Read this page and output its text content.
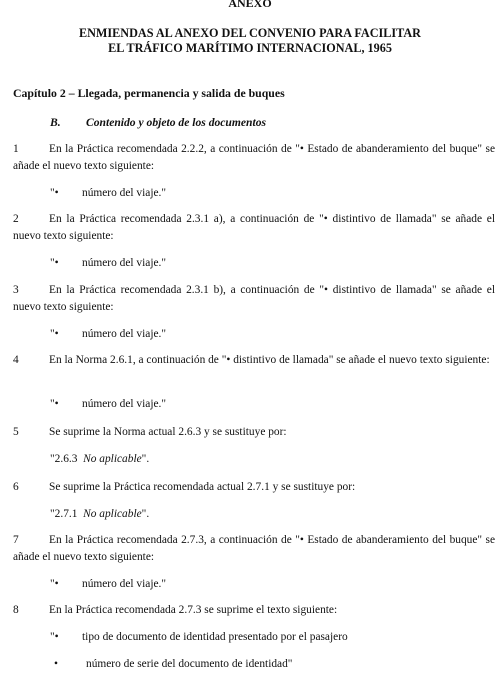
ANEXO
ENMIENDAS AL ANEXO DEL CONVENIO PARA FACILITAR
EL TRÁFICO MARÍTIMO INTERNACIONAL, 1965
Capítulo 2 – Llegada, permanencia y salida de buques
B. Contenido y objeto de los documentos
1	En la Práctica recomendada 2.2.2, a continuación de "• Estado de abanderamiento del buque" se añade el nuevo texto siguiente:
"• número del viaje."
2	En la Práctica recomendada 2.3.1 a), a continuación de "• distintivo de llamada" se añade el nuevo texto siguiente:
"• número del viaje."
3	En la Práctica recomendada 2.3.1 b), a continuación de "• distintivo de llamada" se añade el nuevo texto siguiente:
"• número del viaje."
4	En la Norma 2.6.1, a continuación de "• distintivo de llamada" se añade el nuevo texto siguiente:
"• número del viaje."
5	Se suprime la Norma actual 2.6.3 y se sustituye por:
"2.6.3 No aplicable".
6	Se suprime la Práctica recomendada actual 2.7.1 y se sustituye por:
"2.7.1 No aplicable".
7	En la Práctica recomendada 2.7.3, a continuación de "• Estado de abanderamiento del buque" se añade el nuevo texto siguiente:
"• número del viaje."
8	En la Práctica recomendada 2.7.3 se suprime el texto siguiente:
"• tipo de documento de identidad presentado por el pasajero
• número de serie del documento de identidad"
